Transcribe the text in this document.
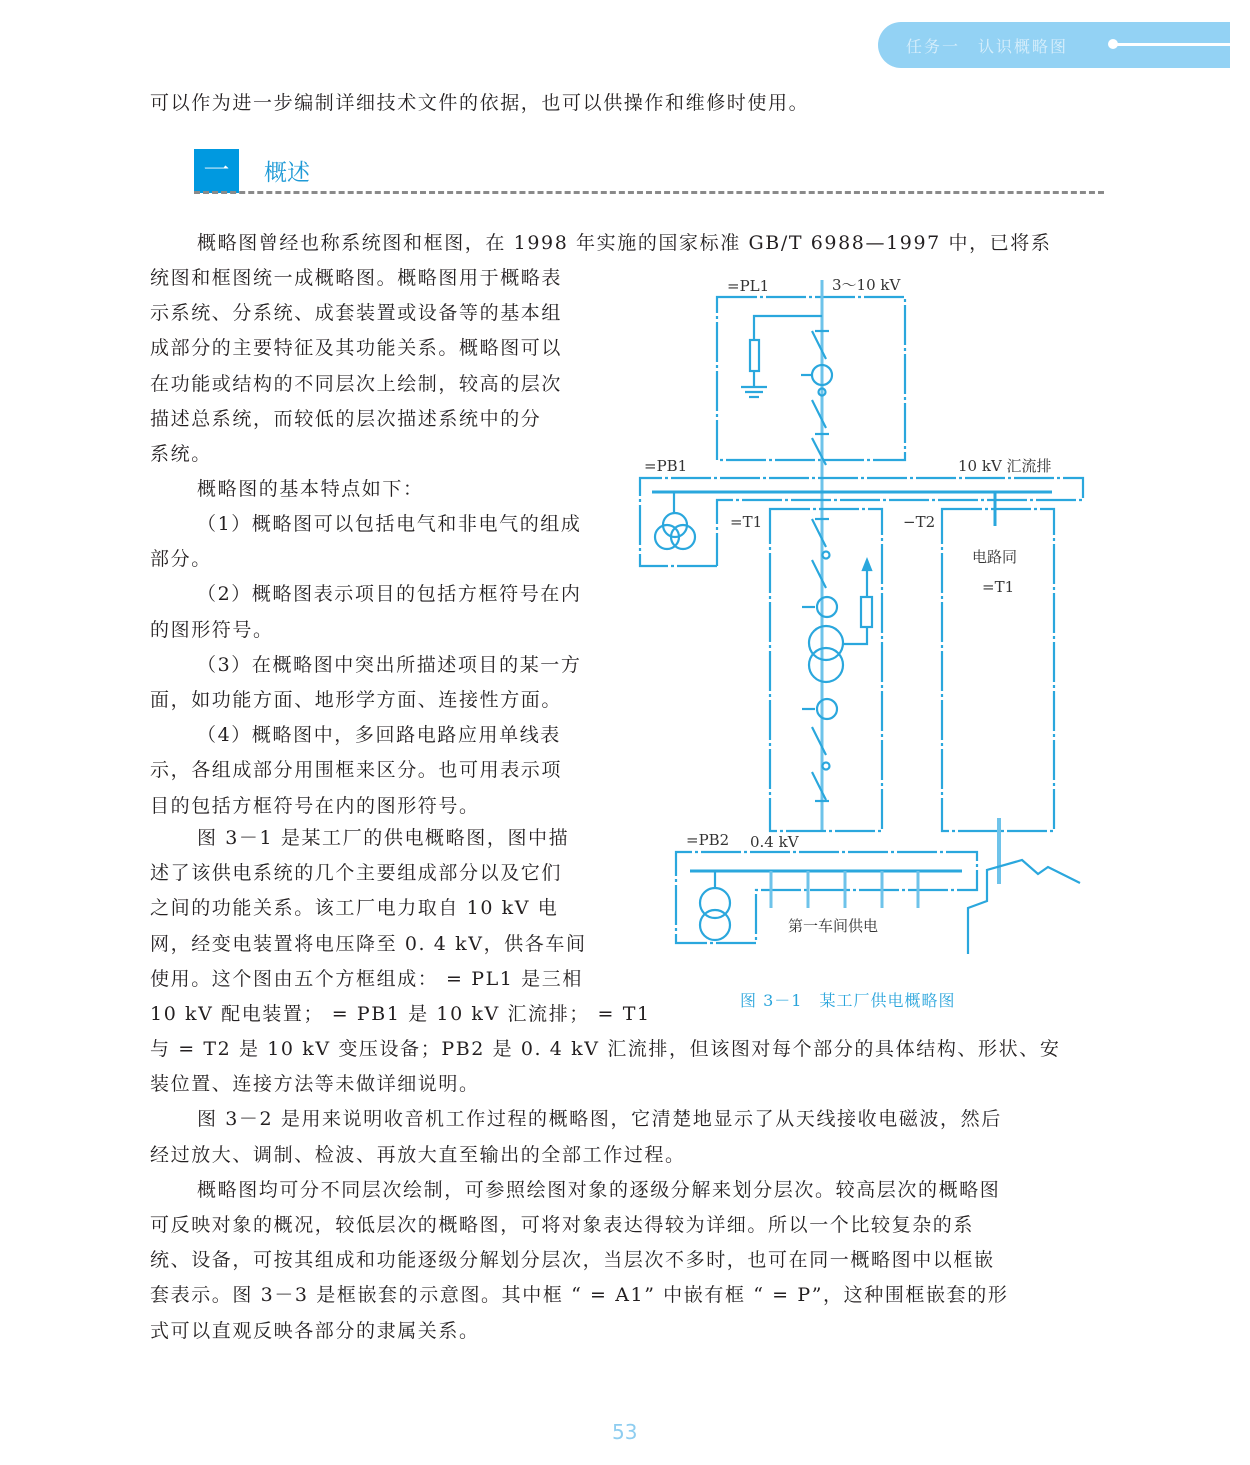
任务一　认识概略图
可以作为进一步编制详细技术文件的依据，也可以供操作和维修时使用。
一	概述
概略图曾经也称系统图和框图，在 1998 年实施的国家标准 GB/T 6988—1997 中，已将系
统图和框图统一成概略图。概略图用于概略表
示系统、分系统、成套装置或设备等的基本组
成部分的主要特征及其功能关系。概略图可以
在功能或结构的不同层次上绘制，较高的层次
描述总系统，而较低的层次描述系统中的分
系统。
概略图的基本特点如下：
（1）概略图可以包括电气和非电气的组成
部分。
（2）概略图表示项目的包括方框符号在内
的图形符号。
（3）在概略图中突出所描述项目的某一方
面，如功能方面、地形学方面、连接性方面。
（4）概略图中，多回路电路应用单线表
示，各组成部分用围框来区分。也可用表示项
目的包括方框符号在内的图形符号。
图 3－1 是某工厂的供电概略图，图中描
述了该供电系统的几个主要组成部分以及它们
之间的功能关系。该工厂电力取自 10 kV 电
网，经变电装置将电压降至 0. 4 kV，供各车间
使用。这个图由五个方框组成： = PL1 是三相
10 kV 配电装置； = PB1 是 10 kV 汇流排； = T1
与 = T2 是 10 kV 变压设备；PB2 是 0. 4 kV 汇流排，但该图对每个部分的具体结构、形状、安
装位置、连接方法等未做详细说明。
图 3－2 是用来说明收音机工作过程的概略图，它清楚地显示了从天线接收电磁波，然后
经过放大、调制、检波、再放大直至输出的全部工作过程。
概略图均可分不同层次绘制，可参照绘图对象的逐级分解来划分层次。较高层次的概略图
可反映对象的概况，较低层次的概略图，可将对象表达得较为详细。所以一个比较复杂的系
统、设备，可按其组成和功能逐级分解划分层次，当层次不多时，也可在同一概略图中以框嵌
套表示。图 3－3 是框嵌套的示意图。其中框 “ = A1” 中嵌有框 “ = P”，这种围框嵌套的形
式可以直观反映各部分的隶属关系。
=PL1	3～10 kV
=PB1	10 kV 汇流排
=T1	−T2
电路同
=T1
=PB2 0.4 kV
第一车间供电
图 3－1　某工厂供电概略图
53
